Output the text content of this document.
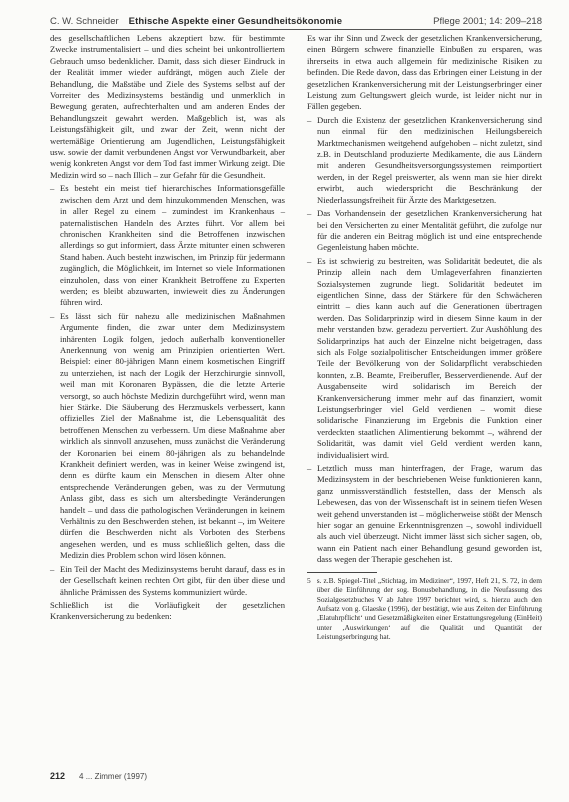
C. W. Schneider Ethische Aspekte einer Gesundheitsökonomie	Pflege 2001; 14: 209–218

des gesellschaftlichen Lebens akzeptiert bzw. für bestimmte Zwecke instrumentalisiert – und dies scheint bei unkontrolliertem Gebrauch umso bedenklicher. Damit, dass sich dieser Eindruck in der Realität immer wieder aufdrängt, mögen auch Ziele der Behandlung, die Maßstäbe und Ziele des Systems selbst auf der Vorreiter des Medizinsystems beständig und unmerklich in Bewegung geraten, aufrechterhalten und am anderen Endes der Behandlungszeit gewahrt werden. Maßgeblich ist, was als Leistungsfähigkeit gilt, und zwar der Zeit, wenn nicht der wertemäßige Orientierung am Jugendlichen, Leistungsfähigkeit usw. sowie der damit verbundenen Angst vor Verwundbarkeit, aber wenig konkreten Angst vor dem Tod fast immer Wirkung zeigt. Die Medizin wird so – nach Illich – zur Gefahr für die Gesundheit.

– Es besteht ein meist tief hierarchisches Informationsgefälle zwischen dem Arzt und dem hinzukommenden Menschen, was in aller Regel zu einem – zumindest im Krankenhaus – paternalistischen Handeln des Arztes führt. Vor allem bei chronischen Krankheiten sind die Betroffenen inzwischen allerdings so gut informiert, dass Ärzte mitunter einen schweren Stand haben. Auch besteht inzwischen, im Prinzip für jedermann zugänglich, die Möglichkeit, im Internet so viele Informationen einzuholen, dass von einer Krankheit Betroffene zu Experten werden; es bleibt abzuwarten, inwieweit dies zu Änderungen führen wird.
– Es lässt sich für nahezu alle medizinischen Maßnahmen Argumente finden, die zwar unter dem Medizinsystem inhärenten Logik folgen, jedoch außerhalb konventioneller Anerkennung von wenig am Prinzipien orientierten Wert. Beispiel: einer 80-jährigen Mann einem kosmetischen Eingriff zu unterziehen, ist nach der Logik der Herzchirurgie sinnvoll, weil man mit Koronaren Bypässen, die die letzte Arterie versorgt, so auch höchste Medizin durchgeführt wird, wenn man hier Stärke. Die Säuberung des Herzmuskels verbessert, kann offizielles Ziel der Maßnahme ist, die Lebensqualität des betroffenen Menschen zu verbessern. Um diese Maßnahme aber wirklich als sinnvoll anzusehen, muss zunächst die Veränderung der Koronarien bei einem 80-jährigen als zu behandelnde Krankheit definiert werden, was in keiner Weise zwingend ist, denn es dürfte kaum ein Menschen in diesem Alter ohne entsprechende Veränderungen geben, was zu der Vermutung Anlass gibt, dass es sich um altersbedingte Veränderungen handelt – und dass die pathologischen Veränderungen in keinem Verhältnis zu den Beschwerden stehen, ist bekannt –, im Weitere dürfen die Beschwerden nicht als Vorboten des Sterbens angesehen werden, und es muss schließlich gelten, dass die Medizin dies Problem schon wird lösen können.
– Ein Teil der Macht des Medizinsystems beruht darauf, dass es in der Gesellschaft keinen rechten Ort gibt, für den über diese und ähnliche Prämissen des Systems kommuniziert würde.

Schließlich ist die Vorläufigkeit der gesetzlichen Krankenversicherung zu bedenken:

Es war ihr Sinn und Zweck der gesetzlichen Krankenversicherung, einen Bürgern schwere finanzielle Einbußen zu ersparen, was ihrerseits in etwa auch allgemein für medizinische Risiken zu befinden. Die Rede davon, dass das Erbringen einer Leistung in der gesetzlichen Krankenversicherung mit der Leistungserbringer einer Leistung zum Geltungswert gleich wurde, ist leider nicht nur in Fällen gegeben.

– Durch die Existenz der gesetzlichen Krankenversicherung sind nun einmal für den medizinischen Heilungsbereich Marktmechanismen weitgehend aufgehoben – nicht zuletzt, sind z.B. in Deutschland produzierte Medikamente, die aus Ländern mit anderen Gesundheitsversorgungssystemen reimportiert werden, in der Regel preiswerter, als wenn man sie hier direkt erwirbt, auch wiederspricht die Beschränkung der Niederlassungsfreiheit für Ärzte des Marktgesetzen.
– Das Vorhandensein der gesetzlichen Krankenversicherung hat bei den Versicherten zu einer Mentalität geführt, die zufolge nur für die anderen ein Beitrag möglich ist und eine entsprechende Gegenleistung haben möchte.
– Es ist schwierig zu bestreiten, was Solidarität bedeutet, die als Prinzip allein nach dem Umlageverfahren finanzierten Sozialsystemen zugrunde liegt. Solidarität bedeutet im eigentlichen Sinne, dass der Stärkere für den Schwächeren eintritt – dies kann auch auf die Generationen übertragen werden. Das Solidarprinzip wird in diesem Sinne kaum in der mehr verstanden bzw. geradezu pervertiert. Zur Aushöhlung des Solidarprinzips hat auch der Einzelne nicht beigetragen, dass sich als Folge sozialpolitischer Entscheidungen immer größere Teile der Bevölkerung von der Solidarpflicht verabschieden konnten, z.B. Beamte, Freiberufler, Besserverdienende. Auf der Ausgabenseite wird solidarisch im Bereich der Krankenversicherung immer mehr auf das finanziert, womit Leistungserbringer viel Geld verdienen – womit diese solidarische Finanzierung im Ergebnis die Funktion einer verdeckten staatlichen Alimentierung bekommt –, während der Solidarität, was damit viel Geld verdient werden kann, individualisiert wird.
– Letztlich muss man hinterfragen, der Frage, warum das Medizinsystem in der beschriebenen Weise funktionieren kann, ganz unmissverständlich feststellen, dass der Mensch als Lebewesen, das von der Wissenschaft ist in seinem tiefen Wesen weit gehend unverstanden ist – möglicherweise stößt der Mensch hier sogar an genuine Erkenntnisgrenzen –, sowohl individuell als auch viel überzeugt. Nicht immer lässt sich sicher sagen, ob, wann ein Patient nach einer Behandlung gesund geworden ist, dass wegen der Therapie geschehen ist.
5 s. z.B. Spiegel-Titel „Stichtag, im Mediziner“, 1997, Heft 21, S. 72, in dem über die Einführung der sog. Bonusbehandlung, in die Neufassung des Sozialgesetzbuches V ab Jahre 1997 berichtet wird, s. hierzu auch den Aufsatz von g. Glaeske (1996), der bestätigt, wie aus Zeiten der Einführung ‚Elatuhrpflicht‘ und Gesetzmäßigkeiten einer Erstattungsregelung (EinHeit) unter ‚Auswirkungen‘ auf die Qualität und Quantität der Leistungserbringung hat.
212 4 ... Zimmer (1997)
